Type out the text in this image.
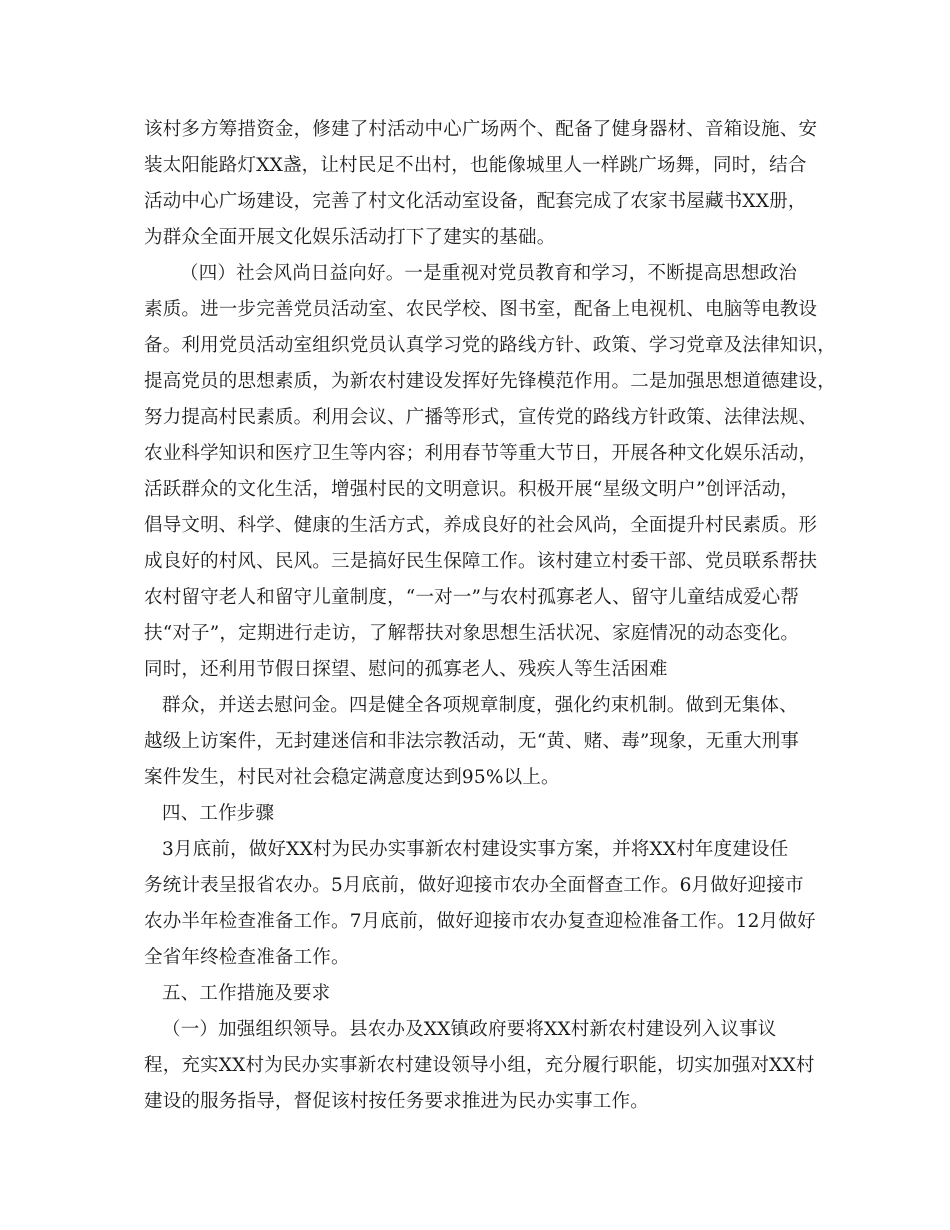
该村多方筹措资金，修建了村活动中心广场两个、配备了健身器材、音箱设施、安
装太阳能路灯XX盏，让村民足不出村，也能像城里人一样跳广场舞，同时，结合
活动中心广场建设，完善了村文化活动室设备，配套完成了农家书屋藏书XX册，
为群众全面开展文化娱乐活动打下了建实的基础。
（四）社会风尚日益向好。一是重视对党员教育和学习，不断提高思想政治
素质。进一步完善党员活动室、农民学校、图书室，配备上电视机、电脑等电教设
备。利用党员活动室组织党员认真学习党的路线方针、政策、学习党章及法律知识，
提高党员的思想素质，为新农村建设发挥好先锋模范作用。二是加强思想道德建设，
努力提高村民素质。利用会议、广播等形式，宣传党的路线方针政策、法律法规、
农业科学知识和医疗卫生等内容；利用春节等重大节日，开展各种文化娱乐活动，
活跃群众的文化生活，增强村民的文明意识。积极开展“星级文明户”创评活动，
倡导文明、科学、健康的生活方式，养成良好的社会风尚，全面提升村民素质。形
成良好的村风、民风。三是搞好民生保障工作。该村建立村委干部、党员联系帮扶
农村留守老人和留守儿童制度，“一对一”与农村孤寡老人、留守儿童结成爱心帮
扶“对子”，定期进行走访，了解帮扶对象思想生活状况、家庭情况的动态变化。
同时，还利用节假日探望、慰问的孤寡老人、残疾人等生活困难
群众，并送去慰问金。四是健全各项规章制度，强化约束机制。做到无集体、
越级上访案件，无封建迷信和非法宗教活动，无“黄、赌、毒”现象，无重大刑事
案件发生，村民对社会稳定满意度达到95%以上。
四、工作步骤
3月底前，做好XX村为民办实事新农村建设实事方案，并将XX村年度建设任
务统计表呈报省农办。5月底前，做好迎接市农办全面督查工作。6月做好迎接市
农办半年检查准备工作。7月底前，做好迎接市农办复查迎检准备工作。12月做好
全省年终检查准备工作。
五、工作措施及要求
（一）加强组织领导。县农办及XX镇政府要将XX村新农村建设列入议事议
程，充实XX村为民办实事新农村建设领导小组，充分履行职能，切实加强对XX村
建设的服务指导，督促该村按任务要求推进为民办实事工作。
